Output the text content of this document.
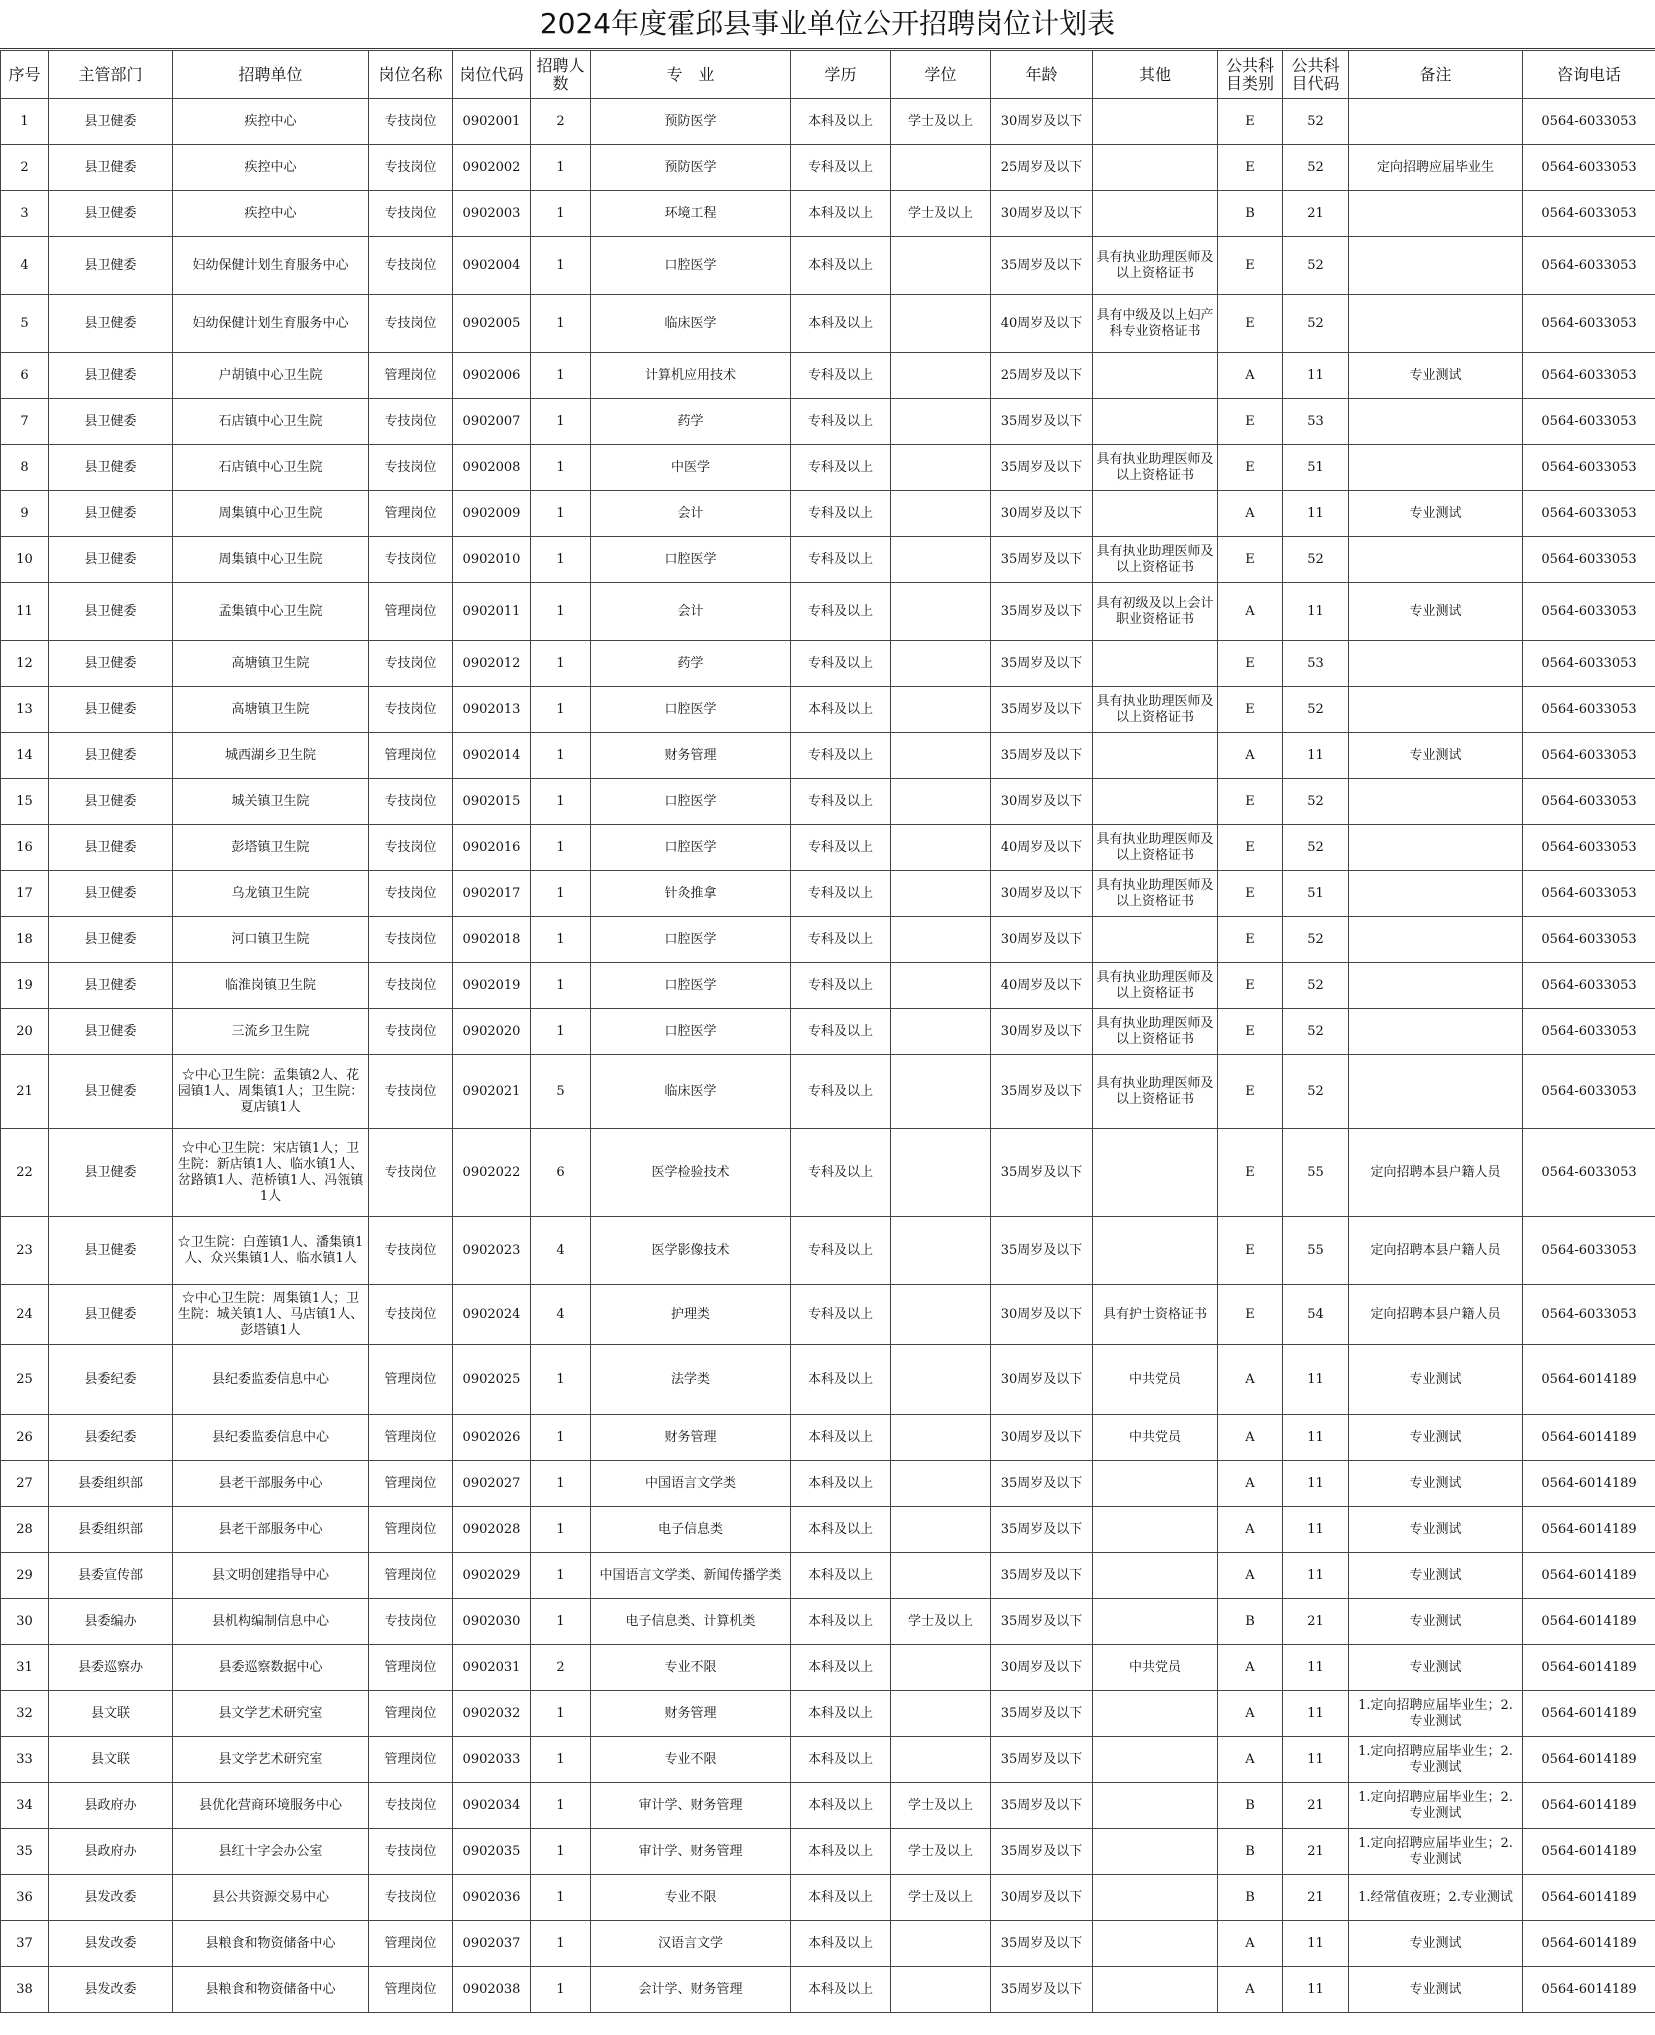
2024年度霍邱县事业单位公开招聘岗位计划表
序号	主管部门	招聘单位	岗位名称	岗位代码	招聘人数	专　业	学历	学位	年龄	其他	公共科目类别	公共科目代码	备注	咨询电话
1	县卫健委	疾控中心	专技岗位	0902001	2	预防医学	本科及以上	学士及以上	30周岁及以下		E	52		0564-6033053
2	县卫健委	疾控中心	专技岗位	0902002	1	预防医学	专科及以上		25周岁及以下		E	52	定向招聘应届毕业生	0564-6033053
3	县卫健委	疾控中心	专技岗位	0902003	1	环境工程	本科及以上	学士及以上	30周岁及以下		B	21		0564-6033053
4	县卫健委	妇幼保健计划生育服务中心	专技岗位	0902004	1	口腔医学	本科及以上		35周岁及以下	具有执业助理医师及以上资格证书	E	52		0564-6033053
5	县卫健委	妇幼保健计划生育服务中心	专技岗位	0902005	1	临床医学	本科及以上		40周岁及以下	具有中级及以上妇产科专业资格证书	E	52		0564-6033053
6	县卫健委	户胡镇中心卫生院	管理岗位	0902006	1	计算机应用技术	专科及以上		25周岁及以下		A	11	专业测试	0564-6033053
7	县卫健委	石店镇中心卫生院	专技岗位	0902007	1	药学	专科及以上		35周岁及以下		E	53		0564-6033053
8	县卫健委	石店镇中心卫生院	专技岗位	0902008	1	中医学	专科及以上		35周岁及以下	具有执业助理医师及以上资格证书	E	51		0564-6033053
9	县卫健委	周集镇中心卫生院	管理岗位	0902009	1	会计	专科及以上		30周岁及以下		A	11	专业测试	0564-6033053
10	县卫健委	周集镇中心卫生院	专技岗位	0902010	1	口腔医学	专科及以上		35周岁及以下	具有执业助理医师及以上资格证书	E	52		0564-6033053
11	县卫健委	孟集镇中心卫生院	管理岗位	0902011	1	会计	专科及以上		35周岁及以下	具有初级及以上会计职业资格证书	A	11	专业测试	0564-6033053
12	县卫健委	高塘镇卫生院	专技岗位	0902012	1	药学	专科及以上		35周岁及以下		E	53		0564-6033053
13	县卫健委	高塘镇卫生院	专技岗位	0902013	1	口腔医学	本科及以上		35周岁及以下	具有执业助理医师及以上资格证书	E	52		0564-6033053
14	县卫健委	城西湖乡卫生院	管理岗位	0902014	1	财务管理	专科及以上		35周岁及以下		A	11	专业测试	0564-6033053
15	县卫健委	城关镇卫生院	专技岗位	0902015	1	口腔医学	专科及以上		30周岁及以下		E	52		0564-6033053
16	县卫健委	彭塔镇卫生院	专技岗位	0902016	1	口腔医学	专科及以上		40周岁及以下	具有执业助理医师及以上资格证书	E	52		0564-6033053
17	县卫健委	乌龙镇卫生院	专技岗位	0902017	1	针灸推拿	专科及以上		30周岁及以下	具有执业助理医师及以上资格证书	E	51		0564-6033053
18	县卫健委	河口镇卫生院	专技岗位	0902018	1	口腔医学	专科及以上		30周岁及以下		E	52		0564-6033053
19	县卫健委	临淮岗镇卫生院	专技岗位	0902019	1	口腔医学	专科及以上		40周岁及以下	具有执业助理医师及以上资格证书	E	52		0564-6033053
20	县卫健委	三流乡卫生院	专技岗位	0902020	1	口腔医学	专科及以上		30周岁及以下	具有执业助理医师及以上资格证书	E	52		0564-6033053
21	县卫健委	☆中心卫生院：孟集镇2人、花园镇1人、周集镇1人；卫生院：夏店镇1人	专技岗位	0902021	5	临床医学	专科及以上		35周岁及以下	具有执业助理医师及以上资格证书	E	52		0564-6033053
22	县卫健委	☆中心卫生院：宋店镇1人；卫生院：新店镇1人、临水镇1人、岔路镇1人、范桥镇1人、冯瓴镇1人	专技岗位	0902022	6	医学检验技术	专科及以上		35周岁及以下		E	55	定向招聘本县户籍人员	0564-6033053
23	县卫健委	☆卫生院：白莲镇1人、潘集镇1人、众兴集镇1人、临水镇1人	专技岗位	0902023	4	医学影像技术	专科及以上		35周岁及以下		E	55	定向招聘本县户籍人员	0564-6033053
24	县卫健委	☆中心卫生院：周集镇1人；卫生院：城关镇1人、马店镇1人、彭塔镇1人	专技岗位	0902024	4	护理类	专科及以上		30周岁及以下	具有护士资格证书	E	54	定向招聘本县户籍人员	0564-6033053
25	县委纪委	县纪委监委信息中心	管理岗位	0902025	1	法学类	本科及以上		30周岁及以下	中共党员	A	11	专业测试	0564-6014189
26	县委纪委	县纪委监委信息中心	管理岗位	0902026	1	财务管理	本科及以上		30周岁及以下	中共党员	A	11	专业测试	0564-6014189
27	县委组织部	县老干部服务中心	管理岗位	0902027	1	中国语言文学类	本科及以上		35周岁及以下		A	11	专业测试	0564-6014189
28	县委组织部	县老干部服务中心	管理岗位	0902028	1	电子信息类	本科及以上		35周岁及以下		A	11	专业测试	0564-6014189
29	县委宣传部	县文明创建指导中心	管理岗位	0902029	1	中国语言文学类、新闻传播学类	本科及以上		35周岁及以下		A	11	专业测试	0564-6014189
30	县委编办	县机构编制信息中心	专技岗位	0902030	1	电子信息类、计算机类	本科及以上	学士及以上	35周岁及以下		B	21	专业测试	0564-6014189
31	县委巡察办	县委巡察数据中心	管理岗位	0902031	2	专业不限	本科及以上		30周岁及以下	中共党员	A	11	专业测试	0564-6014189
32	县文联	县文学艺术研究室	管理岗位	0902032	1	财务管理	本科及以上		35周岁及以下		A	11	1.定向招聘应届毕业生；2.专业测试	0564-6014189
33	县文联	县文学艺术研究室	管理岗位	0902033	1	专业不限	本科及以上		35周岁及以下		A	11	1.定向招聘应届毕业生；2.专业测试	0564-6014189
34	县政府办	县优化营商环境服务中心	专技岗位	0902034	1	审计学、财务管理	本科及以上	学士及以上	35周岁及以下		B	21	1.定向招聘应届毕业生；2.专业测试	0564-6014189
35	县政府办	县红十字会办公室	专技岗位	0902035	1	审计学、财务管理	本科及以上	学士及以上	35周岁及以下		B	21	1.定向招聘应届毕业生；2.专业测试	0564-6014189
36	县发改委	县公共资源交易中心	专技岗位	0902036	1	专业不限	本科及以上	学士及以上	30周岁及以下		B	21	1.经常值夜班；2.专业测试	0564-6014189
37	县发改委	县粮食和物资储备中心	管理岗位	0902037	1	汉语言文学	本科及以上		35周岁及以下		A	11	专业测试	0564-6014189
38	县发改委	县粮食和物资储备中心	管理岗位	0902038	1	会计学、财务管理	本科及以上		35周岁及以下		A	11	专业测试	0564-6014189
